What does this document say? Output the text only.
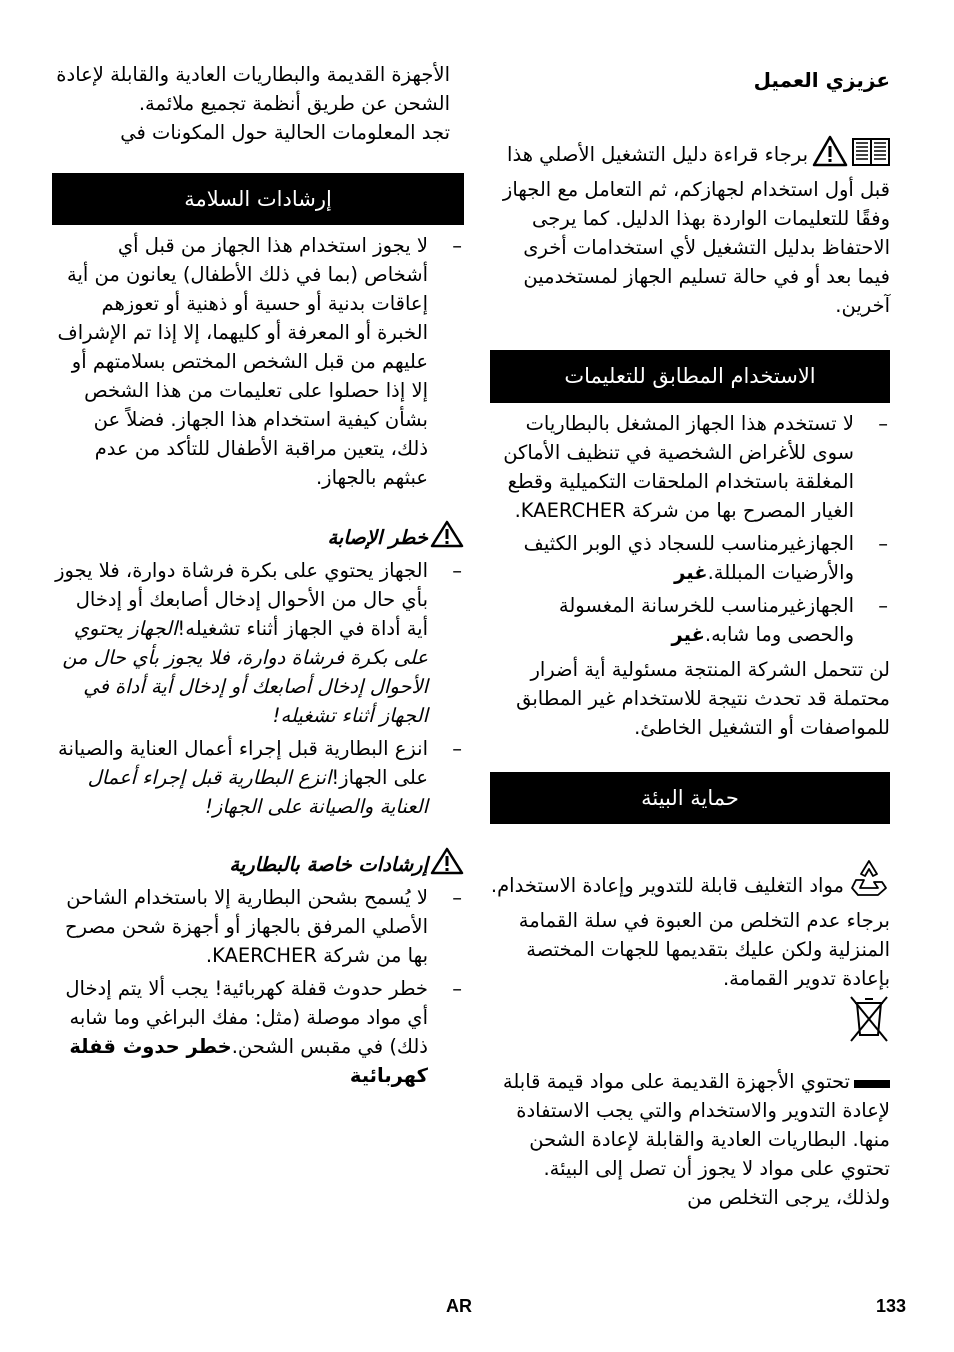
عزيزي العميل

برجاء قراءة دليل التشغيل الأصلي هذا قبل أول استخدام لجهازكم، ثم التعامل مع الجهاز وفقًا للتعليمات الواردة بهذا الدليل. كما يرجى الاحتفاظ بدليل التشغيل لأي استخدامات أخرى فيما بعد أو في حالة تسليم الجهاز لمستخدمين آخرين.

الاستخدام المطابق للتعليمات
–
لا تستخدم هذا الجهاز المشغل بالبطاريات سوى للأغراض الشخصية في تنظيف الأماكن المغلقة باستخدام الملحقات التكميلية وقطع الغيار المصرح بها من شركة KAERCHER.
–
الجهازغيرمناسب للسجاد ذي الوبر الكثيف والأرضيات المبللة.غير
–
الجهازغيرمناسب للخرسانة المغسولة والحصى وما شابه.غير

لن تتحمل الشركة المنتجة مسئولية أية أضرار محتملة قد تحدث نتيجة للاستخدام غير المطابق للمواصفات أو التشغيل الخاطئ.

حماية البيئة

مواد التغليف قابلة للتدوير وإعادة الاستخدام. برجاء عدم التخلص من العبوة في سلة القمامة المنزلية ولكن عليك بتقديمها للجهات المختصة بإعادة تدوير القمامة.

تحتوي الأجهزة القديمة على مواد قيمة قابلة لإعادة التدوير والاستخدام والتي يجب الاستفادة منها. البطاريات العادية والقابلة لإعادة الشحن تحتوي على مواد لا يجوز أن تصل إلى البيئة. ولذلك، يرجى التخلص من

الأجهزة القديمة والبطاريات العادية والقابلة لإعادة الشحن عن طريق أنظمة تجميع ملائمة.

تجد المعلومات الحالية حول المكونات في

إرشادات السلامة
–
لا يجوز استخدام هذا الجهاز من قبل أي أشخاص (بما في ذلك الأطفال) يعانون من أية إعاقات بدنية أو حسية أو ذهنية أو تعوزهم الخبرة أو المعرفة أو كليهما، إلا إذا تم الإشراف عليهم من قبل الشخص المختص بسلامتهم أو إلا إذا حصلوا على تعليمات من هذا الشخص بشأن كيفية استخدام هذا الجهاز. فضلاً عن ذلك، يتعين مراقبة الأطفال للتأكد من عدم عبثهم بالجهاز.

خطر الإصابة

–
الجهاز يحتوي على بكرة فرشاة دوارة، فلا يجوز بأي حال من الأحوال إدخال أصابعك أو إدخال أية أداة في الجهاز أثناء تشغيله!الجهاز يحتوي على بكرة فرشاة دوارة، فلا يجوز بأي حال من الأحوال إدخال أصابعك أو إدخال أية أداة في الجهاز أثناء تشغيله!
–
انزع البطارية قبل إجراء أعمال العناية والصيانة على الجهاز!انزع البطارية قبل إجراء أعمال العناية والصيانة على الجهاز!

إرشادات خاصة بالبطارية

–
لا يُسمح بشحن البطارية إلا باستخدام الشاحن الأصلي المرفق بالجهاز أو أجهزة شحن مصرح بها من شركة KAERCHER.
–
خطر حدوث قفلة كهربائية! يجب ألا يتم إدخال أي مواد موصلة (مثل: مفك البراغي وما شابه ذلك) في مقبس الشحن.خطر حدوث قفلة كهربائية
AR	133
